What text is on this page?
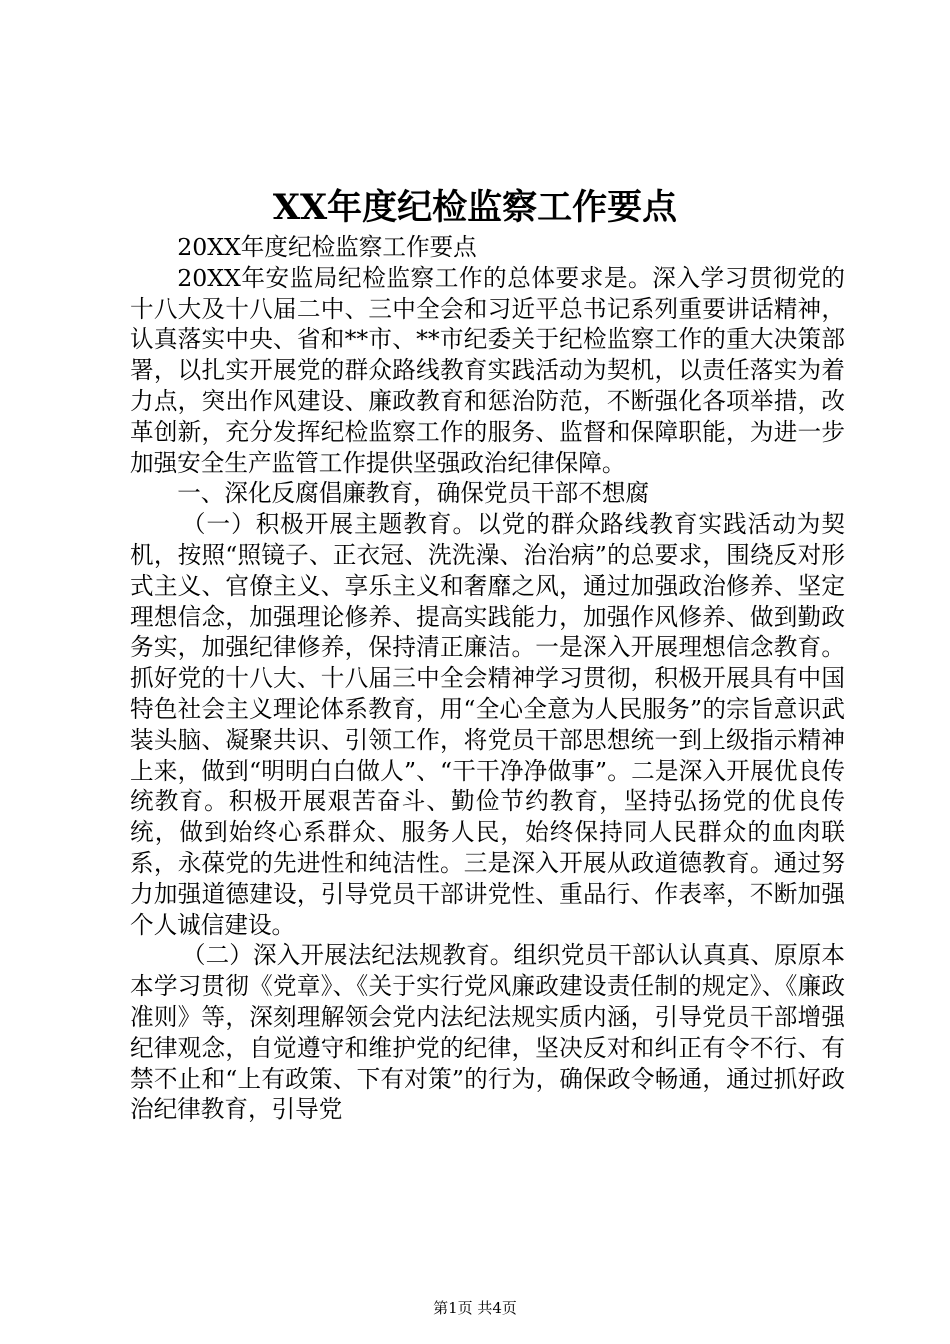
XX年度纪检监察工作要点

20XX年度纪检监察工作要点

20XX年安监局纪检监察工作的总体要求是。深入学习贯彻党的十八大及十八届二中、三中全会和习近平总书记系列重要讲话精神，认真落实中央、省和**市、**市纪委关于纪检监察工作的重大决策部署，以扎实开展党的群众路线教育实践活动为契机，以责任落实为着力点，突出作风建设、廉政教育和惩治防范，不断强化各项举措，改革创新，充分发挥纪检监察工作的服务、监督和保障职能，为进一步加强安全生产监管工作提供坚强政治纪律保障。

一、深化反腐倡廉教育，确保党员干部不想腐

（一）积极开展主题教育。以党的群众路线教育实践活动为契机，按照“照镜子、正衣冠、洗洗澡、治治病”的总要求，围绕反对形式主义、官僚主义、享乐主义和奢靡之风，通过加强政治修养、坚定理想信念，加强理论修养、提高实践能力，加强作风修养、做到勤政务实，加强纪律修养，保持清正廉洁。一是深入开展理想信念教育。抓好党的十八大、十八届三中全会精神学习贯彻，积极开展具有中国特色社会主义理论体系教育，用“全心全意为人民服务”的宗旨意识武装头脑、凝聚共识、引领工作，将党员干部思想统一到上级指示精神上来，做到“明明白白做人”、“干干净净做事”。二是深入开展优良传统教育。积极开展艰苦奋斗、勤俭节约教育，坚持弘扬党的优良传统，做到始终心系群众、服务人民，始终保持同人民群众的血肉联系，永葆党的先进性和纯洁性。三是深入开展从政道德教育。通过努力加强道德建设，引导党员干部讲党性、重品行、作表率，不断加强个人诚信建设。

（二）深入开展法纪法规教育。组织党员干部认认真真、原原本本学习贯彻《党章》、《关于实行党风廉政建设责任制的规定》、《廉政准则》等，深刻理解领会党内法纪法规实质内涵，引导党员干部增强纪律观念，自觉遵守和维护党的纪律，坚决反对和纠正有令不行、有禁不止和“上有政策、下有对策”的行为，确保政令畅通，通过抓好政治纪律教育，引导党

第1页 共4页
